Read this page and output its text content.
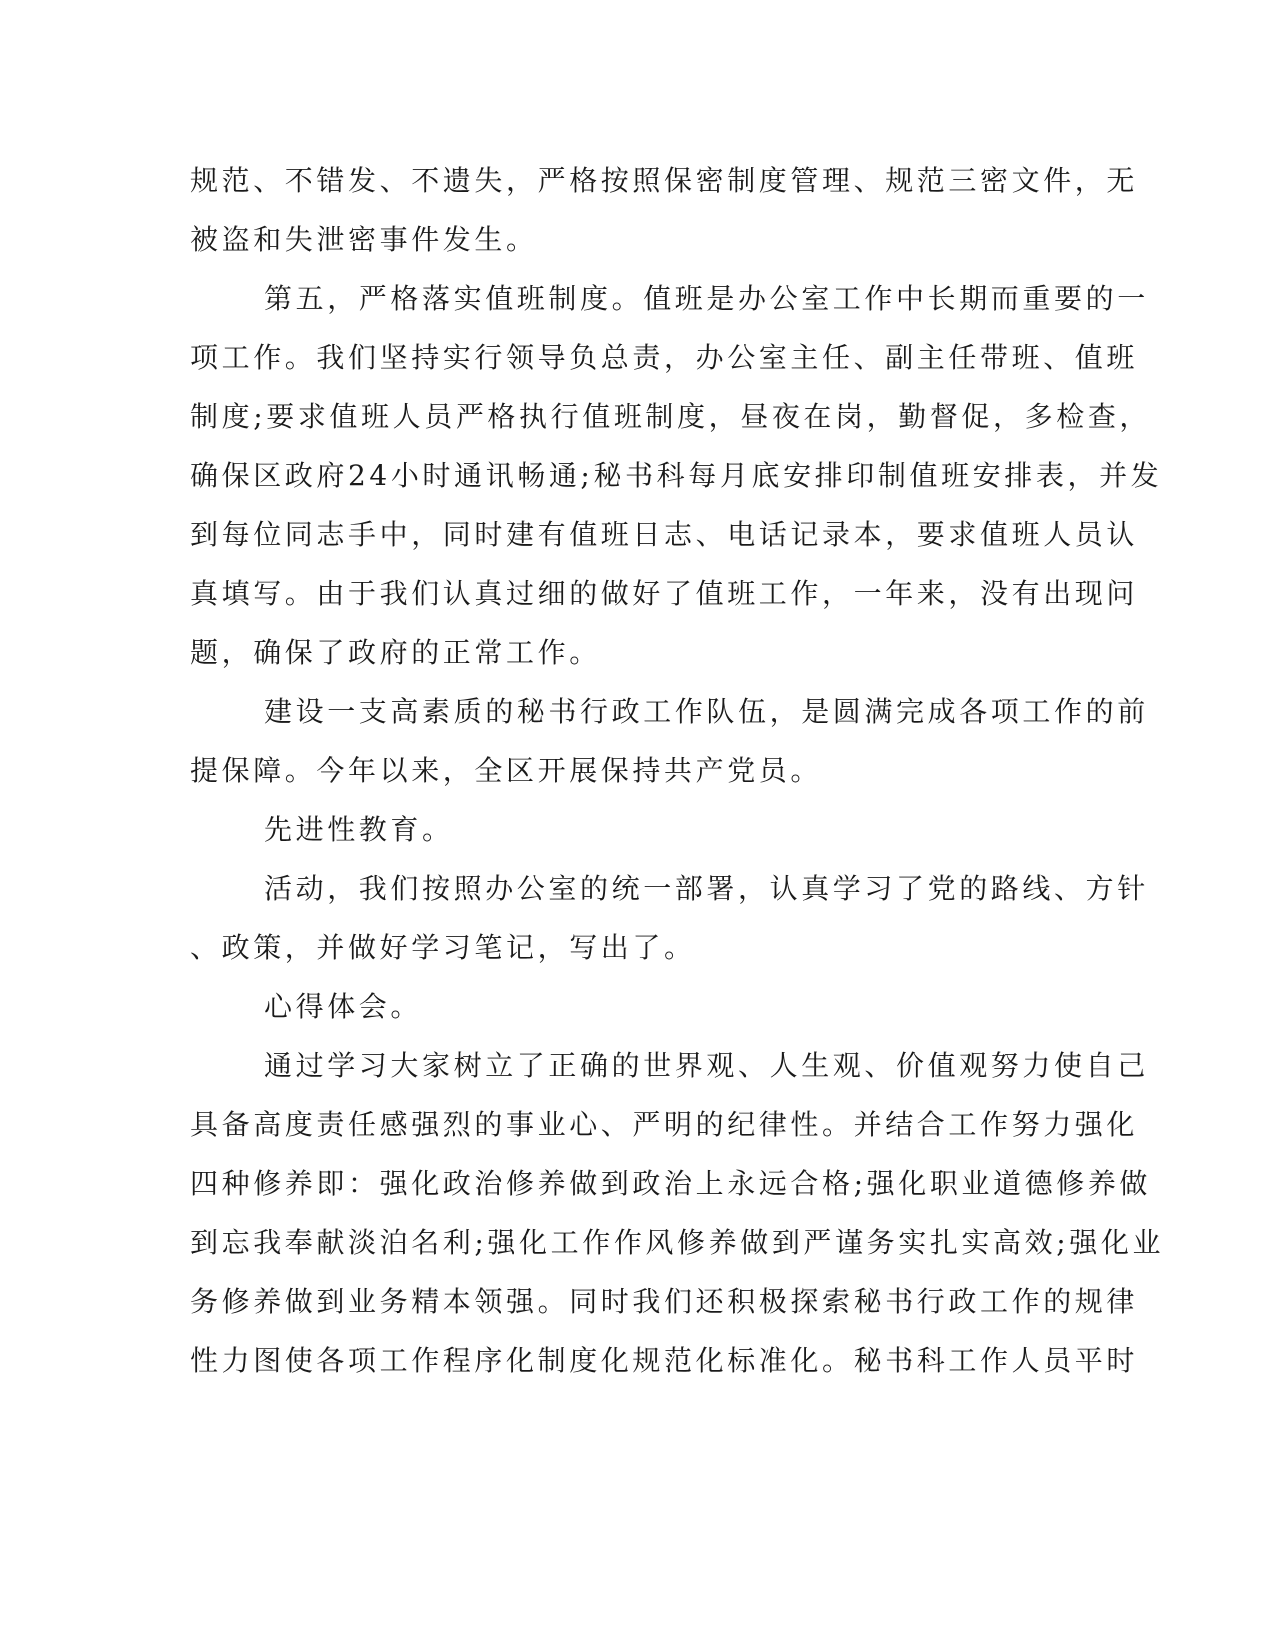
规范、不错发、不遗失，严格按照保密制度管理、规范三密文件，无
被盗和失泄密事件发生。
第五，严格落实值班制度。值班是办公室工作中长期而重要的一
项工作。我们坚持实行领导负总责，办公室主任、副主任带班、值班
制度;要求值班人员严格执行值班制度，昼夜在岗，勤督促，多检查，
确保区政府24小时通讯畅通;秘书科每月底安排印制值班安排表，并发
到每位同志手中，同时建有值班日志、电话记录本，要求值班人员认
真填写。由于我们认真过细的做好了值班工作，一年来，没有出现问
题，确保了政府的正常工作。
建设一支高素质的秘书行政工作队伍，是圆满完成各项工作的前
提保障。今年以来，全区开展保持共产党员。
先进性教育。
活动，我们按照办公室的统一部署，认真学习了党的路线、方针
、政策，并做好学习笔记，写出了。
心得体会。
通过学习大家树立了正确的世界观、人生观、价值观努力使自己
具备高度责任感强烈的事业心、严明的纪律性。并结合工作努力强化
四种修养即：强化政治修养做到政治上永远合格;强化职业道德修养做
到忘我奉献淡泊名利;强化工作作风修养做到严谨务实扎实高效;强化业
务修养做到业务精本领强。同时我们还积极探索秘书行政工作的规律
性力图使各项工作程序化制度化规范化标准化。秘书科工作人员平时
